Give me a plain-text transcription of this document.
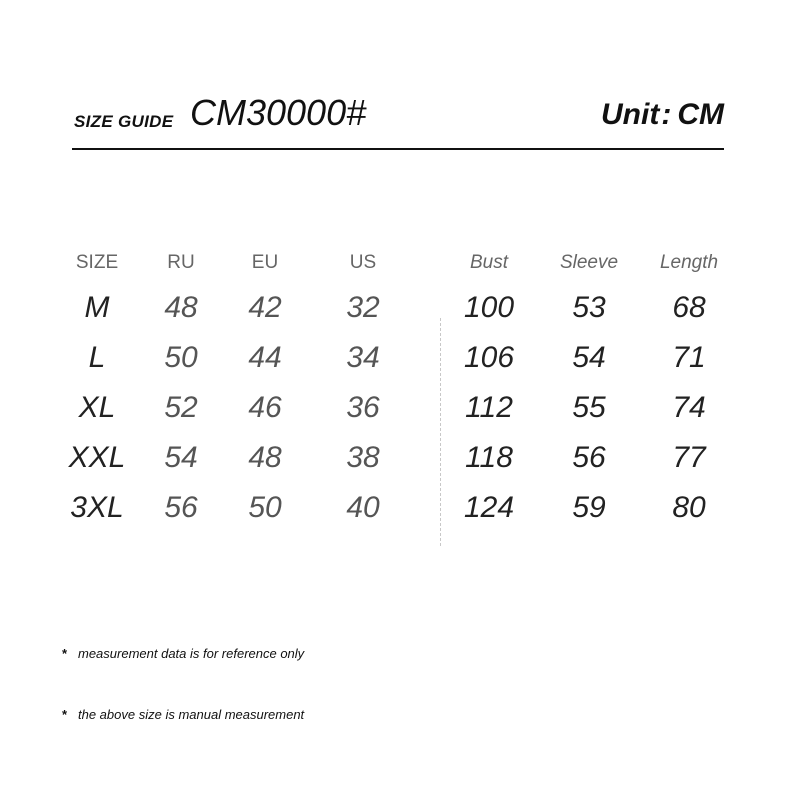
SIZE GUIDE CM30000#	Unit: CM
SIZE	RU	EU	US	Bust	Sleeve Length
M 48 42 32	100 53 68
L 50 44 34	106 54 71
XL 52 46 36	112 55 74
XXL 54 48 38	118 56 77
3XL 56 50 40	124 59 80
* measurement data is for reference only
* the above size is manual measurement
